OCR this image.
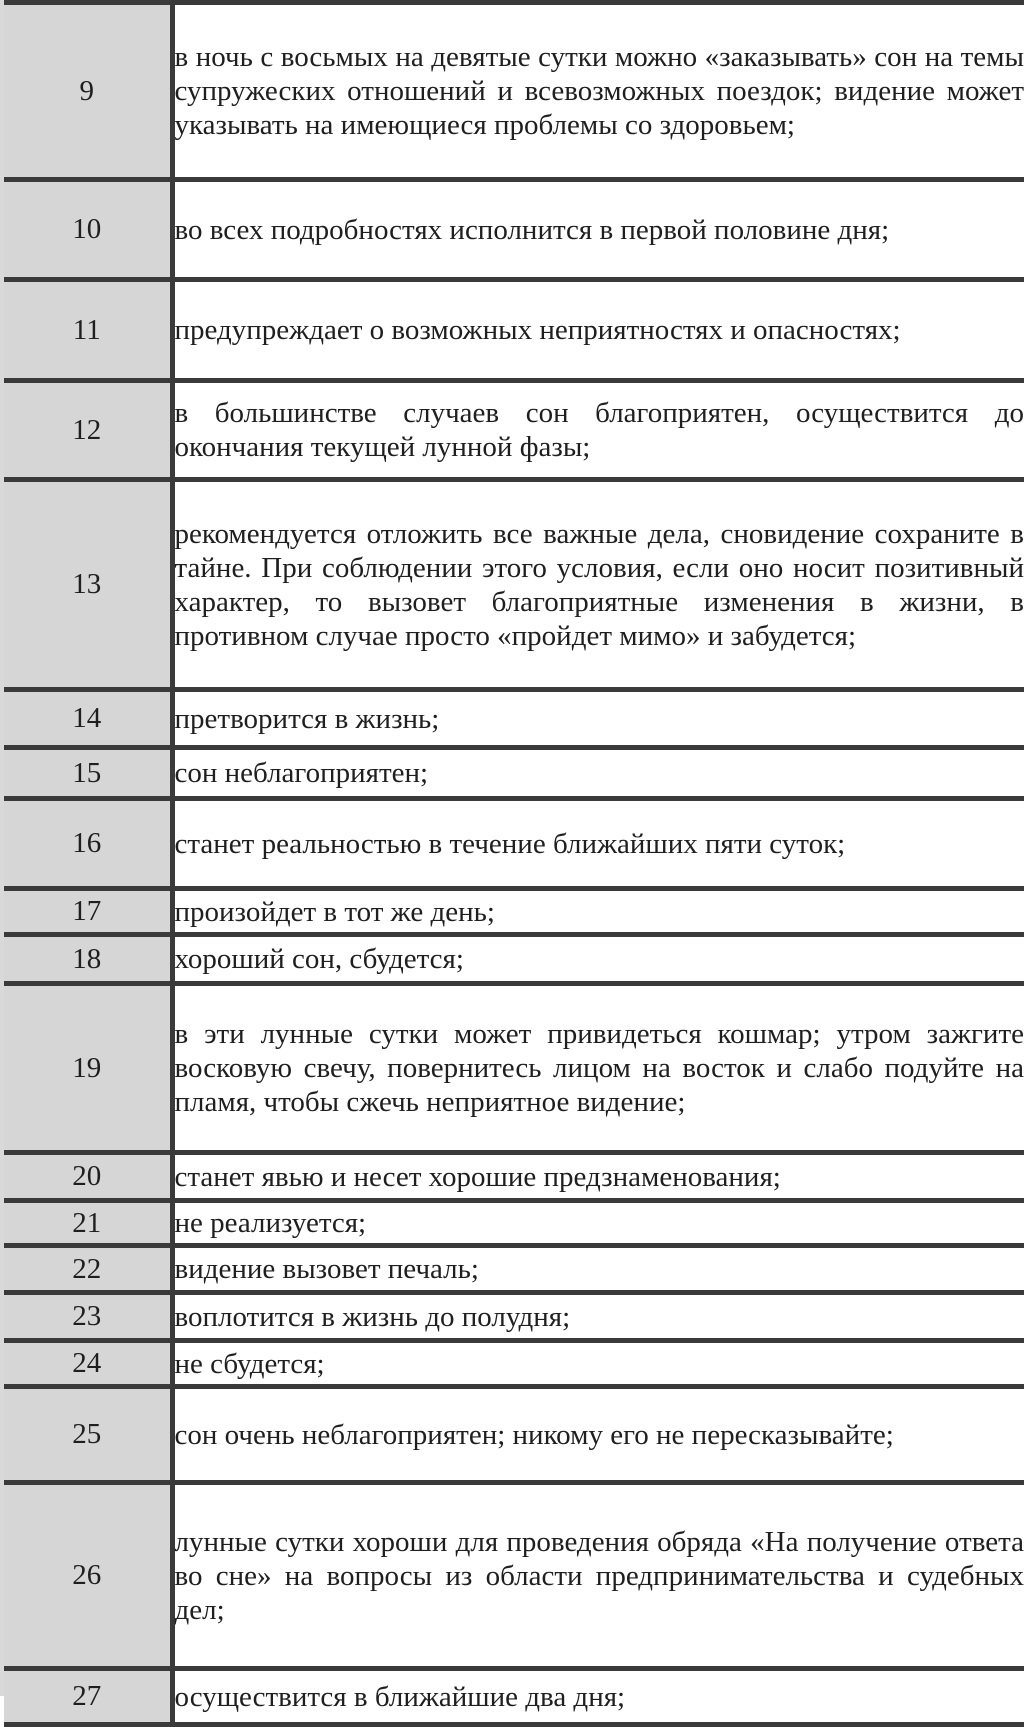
9	в ночь с восьмых на девятые сутки можно «заказывать» сон на темы супружеских отношений и всевозможных поездок; видение может указывать на имеющиеся проблемы со здоровьем;
10	во всех подробностях исполнится в первой половине дня;
11	предупреждает о возможных неприятностях и опасностях;
12	в большинстве случаев сон благоприятен, осуществится до окончания текущей лунной фазы;
13	рекомендуется отложить все важные дела, сновидение сохраните в тайне. При соблюдении этого условия, если оно носит позитивный характер, то вызовет благоприятные изменения в жизни, в противном случае просто «пройдет мимо» и забудется;
14	претворится в жизнь;
15	сон неблагоприятен;
16	станет реальностью в течение ближайших пяти суток;
17	произойдет в тот же день;
18	хороший сон, сбудется;
19	в эти лунные сутки может привидеться кошмар; утром зажгите восковую свечу, повернитесь лицом на восток и слабо подуйте на пламя, чтобы сжечь неприятное видение;
20	станет явью и несет хорошие предзнаменования;
21	не реализуется;
22	видение вызовет печаль;
23	воплотится в жизнь до полудня;
24	не сбудется;
25	сон очень неблагоприятен; никому его не пересказывайте;
26	лунные сутки хороши для проведения обряда «На получение ответа во сне» на вопросы из области предпринимательства и судебных дел;
27	осуществится в ближайшие два дня;
